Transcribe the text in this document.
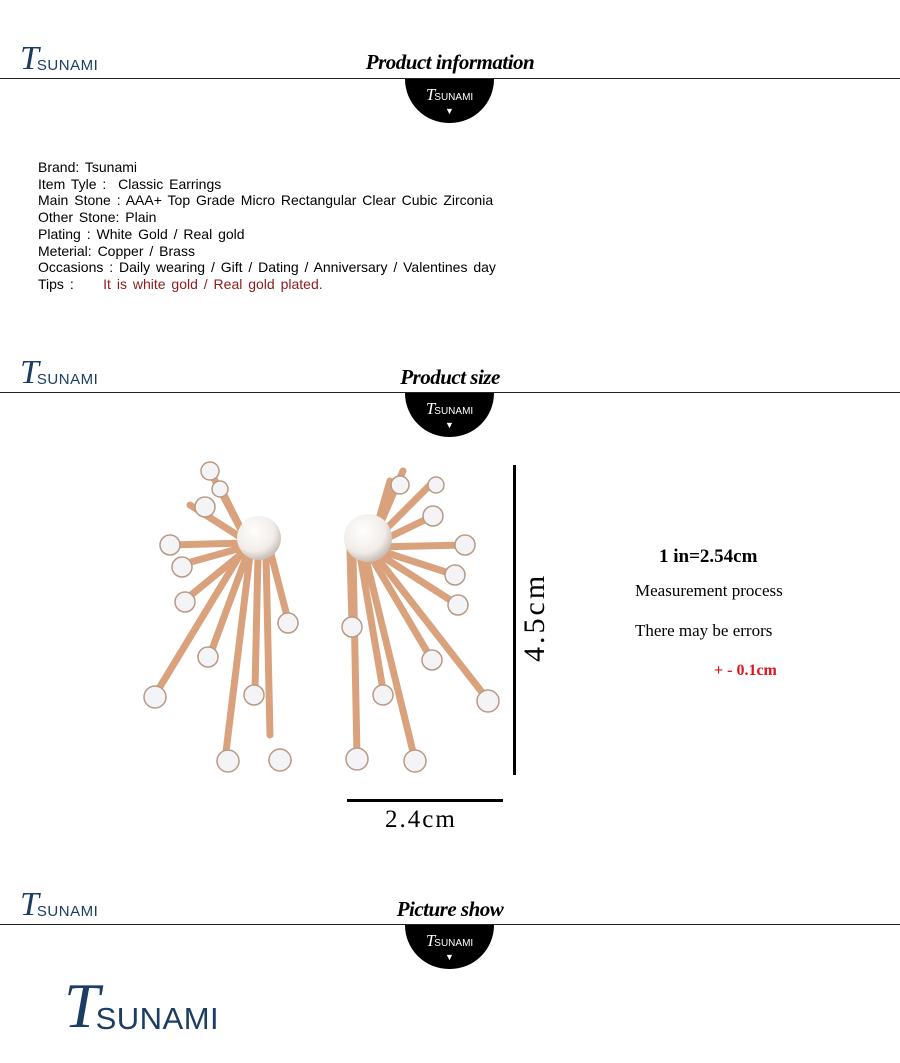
T
SUNAMI	Product information
TSUNAMI
▼
Brand: Tsunami
Item Tyle :  Classic Earrings
Main Stone : AAA+ Top Grade Micro Rectangular Clear Cubic Zirconia
Other Stone: Plain
Plating : White Gold / Real gold
Meterial: Copper / Brass
Occasions : Daily wearing / Gift / Dating / Anniversary / Valentines day
Tips : It is white gold / Real gold plated.
T
SUNAMI	Product size
TSUNAMI
▼
4.5cm
2.4cm
1 in=2.54cm
Measurement process
There may be errors
+ - 0.1cm
T
SUNAMI	Picture show
TSUNAMI
▼
T
SUNAMI
